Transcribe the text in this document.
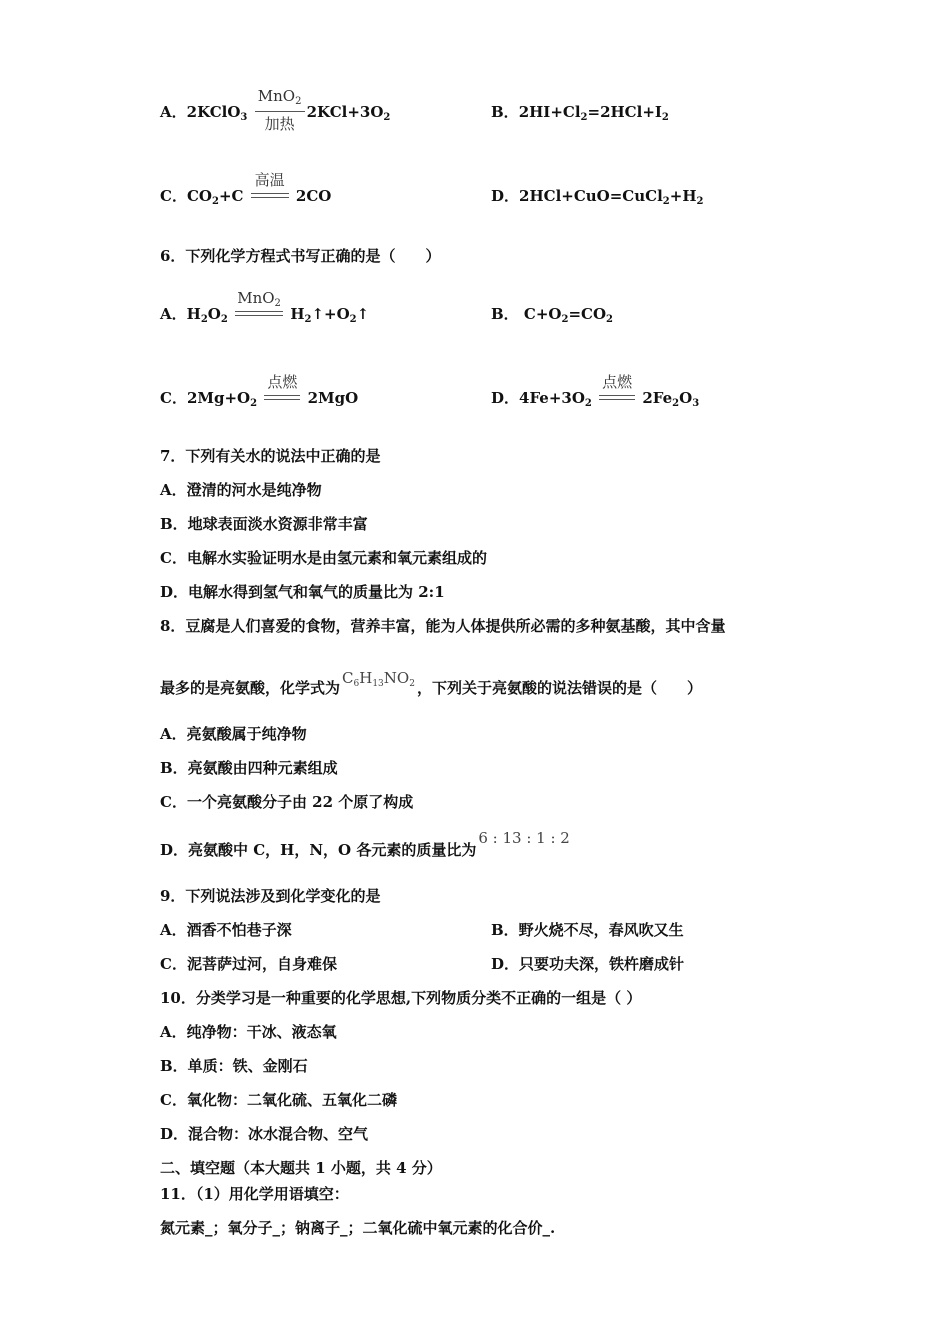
A．2KClO$_3$
MnO$_2$
加热
$2KCl+3O_2$	B．$2HI+Cl_2=2HCl+I_2$
C．$CO_2+C$
高温
2CO	D．$2HCl+CuO=CuCl_2+H_2$
6．下列化学方程式书写正确的是（　　）
A．$H_2O_2$
MnO$_2$
$H_2↑+O_2↑$	B． $C+O_2=CO_2$
C．$2Mg+O_2$
点燃
2MgO	D．$4Fe+3O_2$
点燃
$2Fe_2O_3$
7．下列有关水的说法中正确的是
A．澄清的河水是纯净物
B．地球表面淡水资源非常丰富
C．电解水实验证明水是由氢元素和氧元素组成的
D．电解水得到氢气和氧气的质量比为 2:1
8．豆腐是人们喜爱的食物，营养丰富，能为人体提供所必需的多种氨基酸，其中含量
最多的是亮氨酸，化学式为$C_6H_{13}NO_2$ ，下列关于亮氨酸的说法错误的是（　　）
A．亮氨酸属于纯净物
B．亮氨酸由四种元素组成
C．一个亮氨酸分子由 22 个原了构成
D．亮氨酸中 C，H，N，O 各元素的质量比为6 : 13 : 1 : 2
9．下列说法涉及到化学变化的是
A．酒香不怕巷子深	B．野火烧不尽，春风吹又生
C．泥菩萨过河，自身难保	D．只要功夫深，铁杵磨成针
10．分类学习是一种重要的化学思想,下列物质分类不正确的一组是（ ）
A．纯净物：干冰、液态氧
B．单质：铁、金刚石
C．氧化物：二氧化硫、五氧化二磷
D．混合物：冰水混合物、空气
二、填空题（本大题共 1 小题，共 4 分）
11．（1）用化学用语填空：
氮元素_；氧分子_；钠离子_；二氧化硫中氧元素的化合价_.
